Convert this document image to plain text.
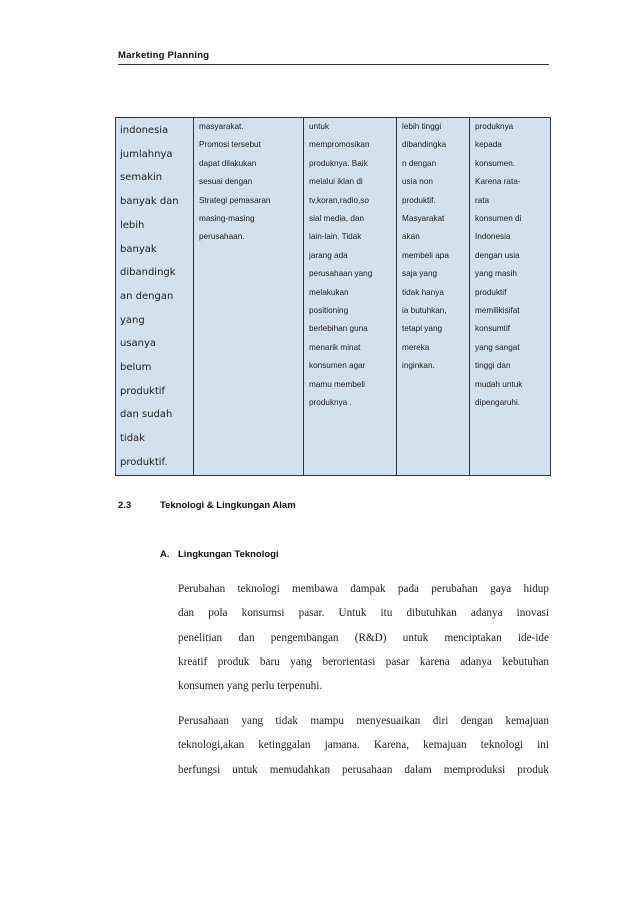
Marketing Planning
indonesia
jumlahnya
semakin
banyak dan
lebih
banyak
dibandingk
an dengan
yang
usanya
belum
produktif
dan sudah
tidak
produktif.

masyarakat.
Promosi tersebut
dapat dilakukan
sesuai dengan
Strategi pemasaran
masing-masing
perusahaan.

untuk
mempromosikan
produknya. Baik
melalui iklan di
tv,koran,radio,so
sial media, dan
lain-lain. Tidak
jarang ada
perusahaan yang
melakukan
positioning
berlebihan guna
menarik minat
konsumen agar
mamu membeli
produknya .

lebih tinggi
dibandingka
n dengan
usia non
produktif.
Masyarakat
akan
membeli apa
saja yang
tidak hanya
ia butuhkan,
tetapi yang
mereka
inginkan.

produknya
kepada
konsumen.
Karena rata-
rata
konsumen di
Indonesia
dengan usia
yang masih
produktif
memilikisifat
konsumtif
yang sangat
tinggi dan
mudah untuk
dipengaruhi.
2.3	Teknologi & Lingkungan Alam
A. Lingkungan Teknologi
Perubahan teknologi membawa dampak pada perubahan gaya hidup
dan pola konsumsi pasar. Untuk itu dibutuhkan adanya inovasi
penelitian dan pengembangan (R&D) untuk menciptakan ide-ide
kreatif produk baru yang berorientasi pasar karena adanya kebutuhan
konsumen yang perlu terpenuhi.
Perusahaan yang tidak mampu menyesuaikan diri dengan kemajuan
teknologi,akan ketinggalan jamana. Karena, kemajuan teknologi ini
berfungsi untuk memudahkan perusahaan dalam memproduksi produk
